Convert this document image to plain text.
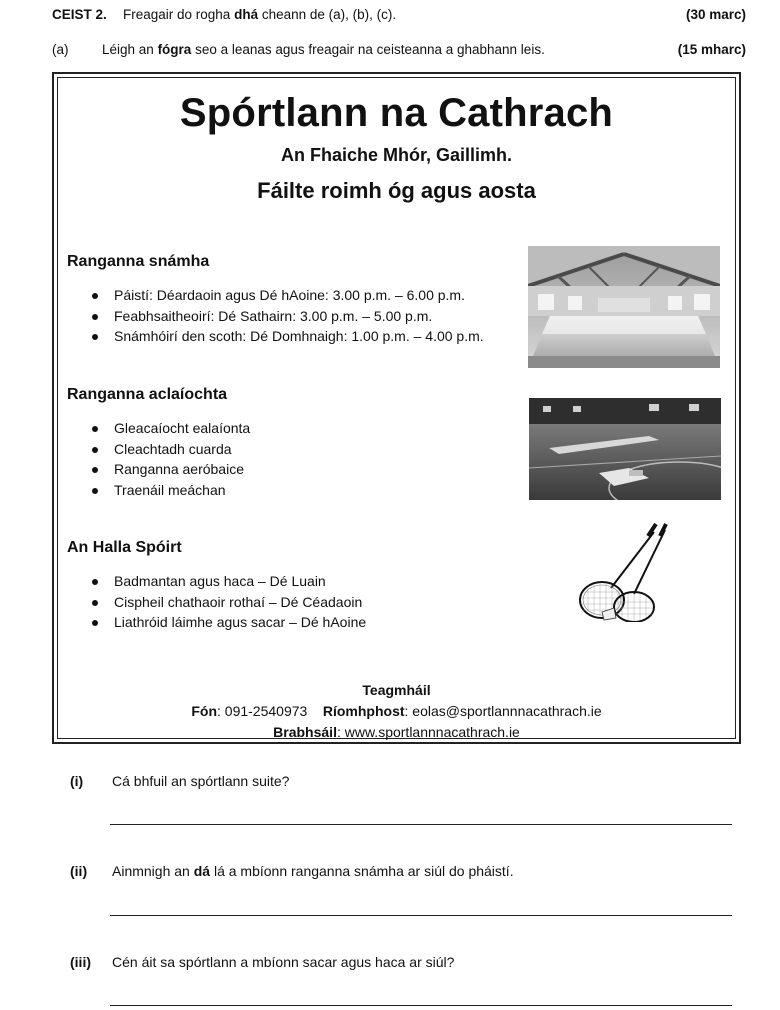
CEIST 2. Freagair do rogha dhá cheann de (a), (b), (c).	(30 marc)
(a) Léigh an fógra seo a leanas agus freagair na ceisteanna a ghabhann leis.	(15 mharc)
Spórtlann na Cathrach
An Fhaiche Mhór, Gaillimh.
Fáilte roimh óg agus aosta
Ranganna snámha
Páistí: Déardaoin agus Dé hAoine: 3.00 p.m. – 6.00 p.m.
Feabhsaitheoirí: Dé Sathairn: 3.00 p.m. – 5.00 p.m.
Snámhóirí den scoth: Dé Domhnaigh: 1.00 p.m. – 4.00 p.m.
Ranganna aclaíochta
Gleacaíocht ealaíonta
Cleachtadh cuarda
Ranganna aeróbaice
Traenáil meáchan
An Halla Spóirt
Badmantan agus haca – Dé Luain
Cispheil chathaoir rothaí – Dé Céadaoin
Liathróid láimhe agus sacar – Dé hAoine
Teagmháil
Fón: 091-2540973 Ríomhphost: eolas@sportlannnacathrach.ie
Brabhsáil: www.sportlannnacathrach.ie
(i) Cá bhfuil an spórtlann suite?
(ii) Ainmnigh an dá lá a mbíonn ranganna snámha ar siúl do pháistí.
(iii) Cén áit sa spórtlann a mbíonn sacar agus haca ar siúl?
